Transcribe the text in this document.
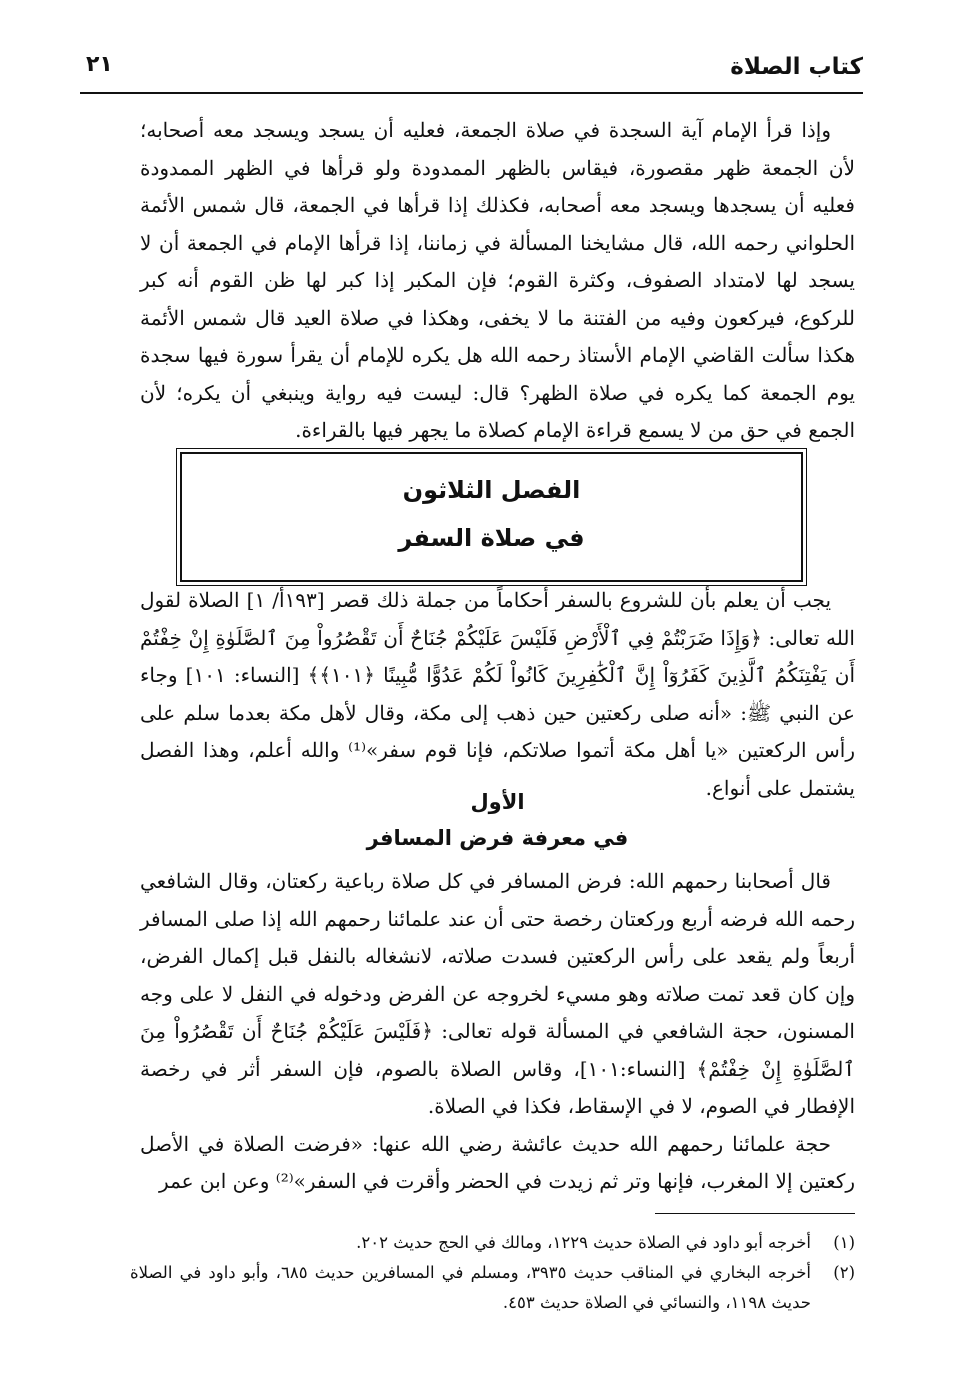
كتاب الصلاة
٢١

وإذا قرأ الإمام آية السجدة في صلاة الجمعة، فعليه أن يسجد ويسجد معه أصحابه؛ لأن الجمعة ظهر مقصورة، فيقاس بالظهر الممدودة ولو قرأها في الظهر الممدودة فعليه أن يسجدها ويسجد معه أصحابه، فكذلك إذا قرأها في الجمعة، قال شمس الأئمة الحلواني رحمه الله، قال مشايخنا المسألة في زماننا، إذا قرأها الإمام في الجمعة أن لا يسجد لها لامتداد الصفوف، وكثرة القوم؛ فإن المكبر إذا كبر لها ظن القوم أنه كبر للركوع، فيركعون وفيه من الفتنة ما لا يخفى، وهكذا في صلاة العيد قال شمس الأئمة هكذا سألت القاضي الإمام الأستاذ رحمه الله هل يكره للإمام أن يقرأ سورة فيها سجدة يوم الجمعة كما يكره في صلاة الظهر؟ قال: ليست فيه رواية وينبغي أن يكره؛ لأن الجمع في حق من لا يسمع قراءة الإمام كصلاة ما يجهر فيها بالقراءة.

الفصل الثلاثون
في صلاة السفر

يجب أن يعلم بأن للشروع بالسفر أحكاماً من جملة ذلك قصر [١٩٣أ/ ١] الصلاة لقول الله تعالى: ﴿وَإِذَا ضَرَبْتُمْ فِي ٱلْأَرْضِ فَلَيْسَ عَلَيْكُمْ جُنَاحٌ أَن تَقْصُرُواْ مِنَ ٱلصَّلَوٰةِ إِنْ خِفْتُمْ أَن يَفْتِنَكُمُ ٱلَّذِينَ كَفَرُوٓاْ إِنَّ ٱلْكَٰفِرِينَ كَانُواْ لَكُمْ عَدُوًّا مُّبِينًا ﴿١٠١﴾﴾ [النساء: ١٠١] وجاء عن النبي ﷺ: «أنه صلى ركعتين حين ذهب إلى مكة، وقال لأهل مكة بعدما سلم على رأس الركعتين «يا أهل مكة أتموا صلاتكم، فإنا قوم سفر»⁽¹⁾ والله أعلم، وهذا الفصل يشتمل على أنواع.

الأول
في معرفة فرض المسافر

قال أصحابنا رحمهم الله: فرض المسافر في كل صلاة رباعية ركعتان، وقال الشافعي رحمه الله فرضه أربع وركعتان رخصة حتى أن عند علمائنا رحمهم الله إذا صلى المسافر أربعاً ولم يقعد على رأس الركعتين فسدت صلاته، لانشغاله بالنفل قبل إكمال الفرض، وإن كان قعد تمت صلاته وهو مسيء لخروجه عن الفرض ودخوله في النفل لا على وجه المسنون، حجة الشافعي في المسألة قوله تعالى: ﴿فَلَيْسَ عَلَيْكُمْ جُنَاحٌ أَن تَقْصُرُواْ مِنَ ٱلصَّلَوٰةِ إِنْ خِفْتُمْ﴾ [النساء:١٠١]، وقاس الصلاة بالصوم، فإن السفر أثر في رخصة الإفطار في الصوم، لا في الإسقاط، فكذا في الصلاة.

حجة علمائنا رحمهم الله حديث عائشة رضي الله عنها: «فرضت الصلاة في الأصل ركعتين إلا المغرب، فإنها وتر ثم زيدت في الحضر وأقرت في السفر»⁽²⁾ وعن ابن عمر

(١)
أخرجه أبو داود في الصلاة حديث ١٢٢٩، ومالك في الحج حديث ٢٠٢.
(٢)
أخرجه البخاري في المناقب حديث ٣٩٣٥، ومسلم في المسافرين حديث ٦٨٥، وأبو داود في الصلاة حديث ١١٩٨، والنسائي في الصلاة حديث ٤٥٣.
